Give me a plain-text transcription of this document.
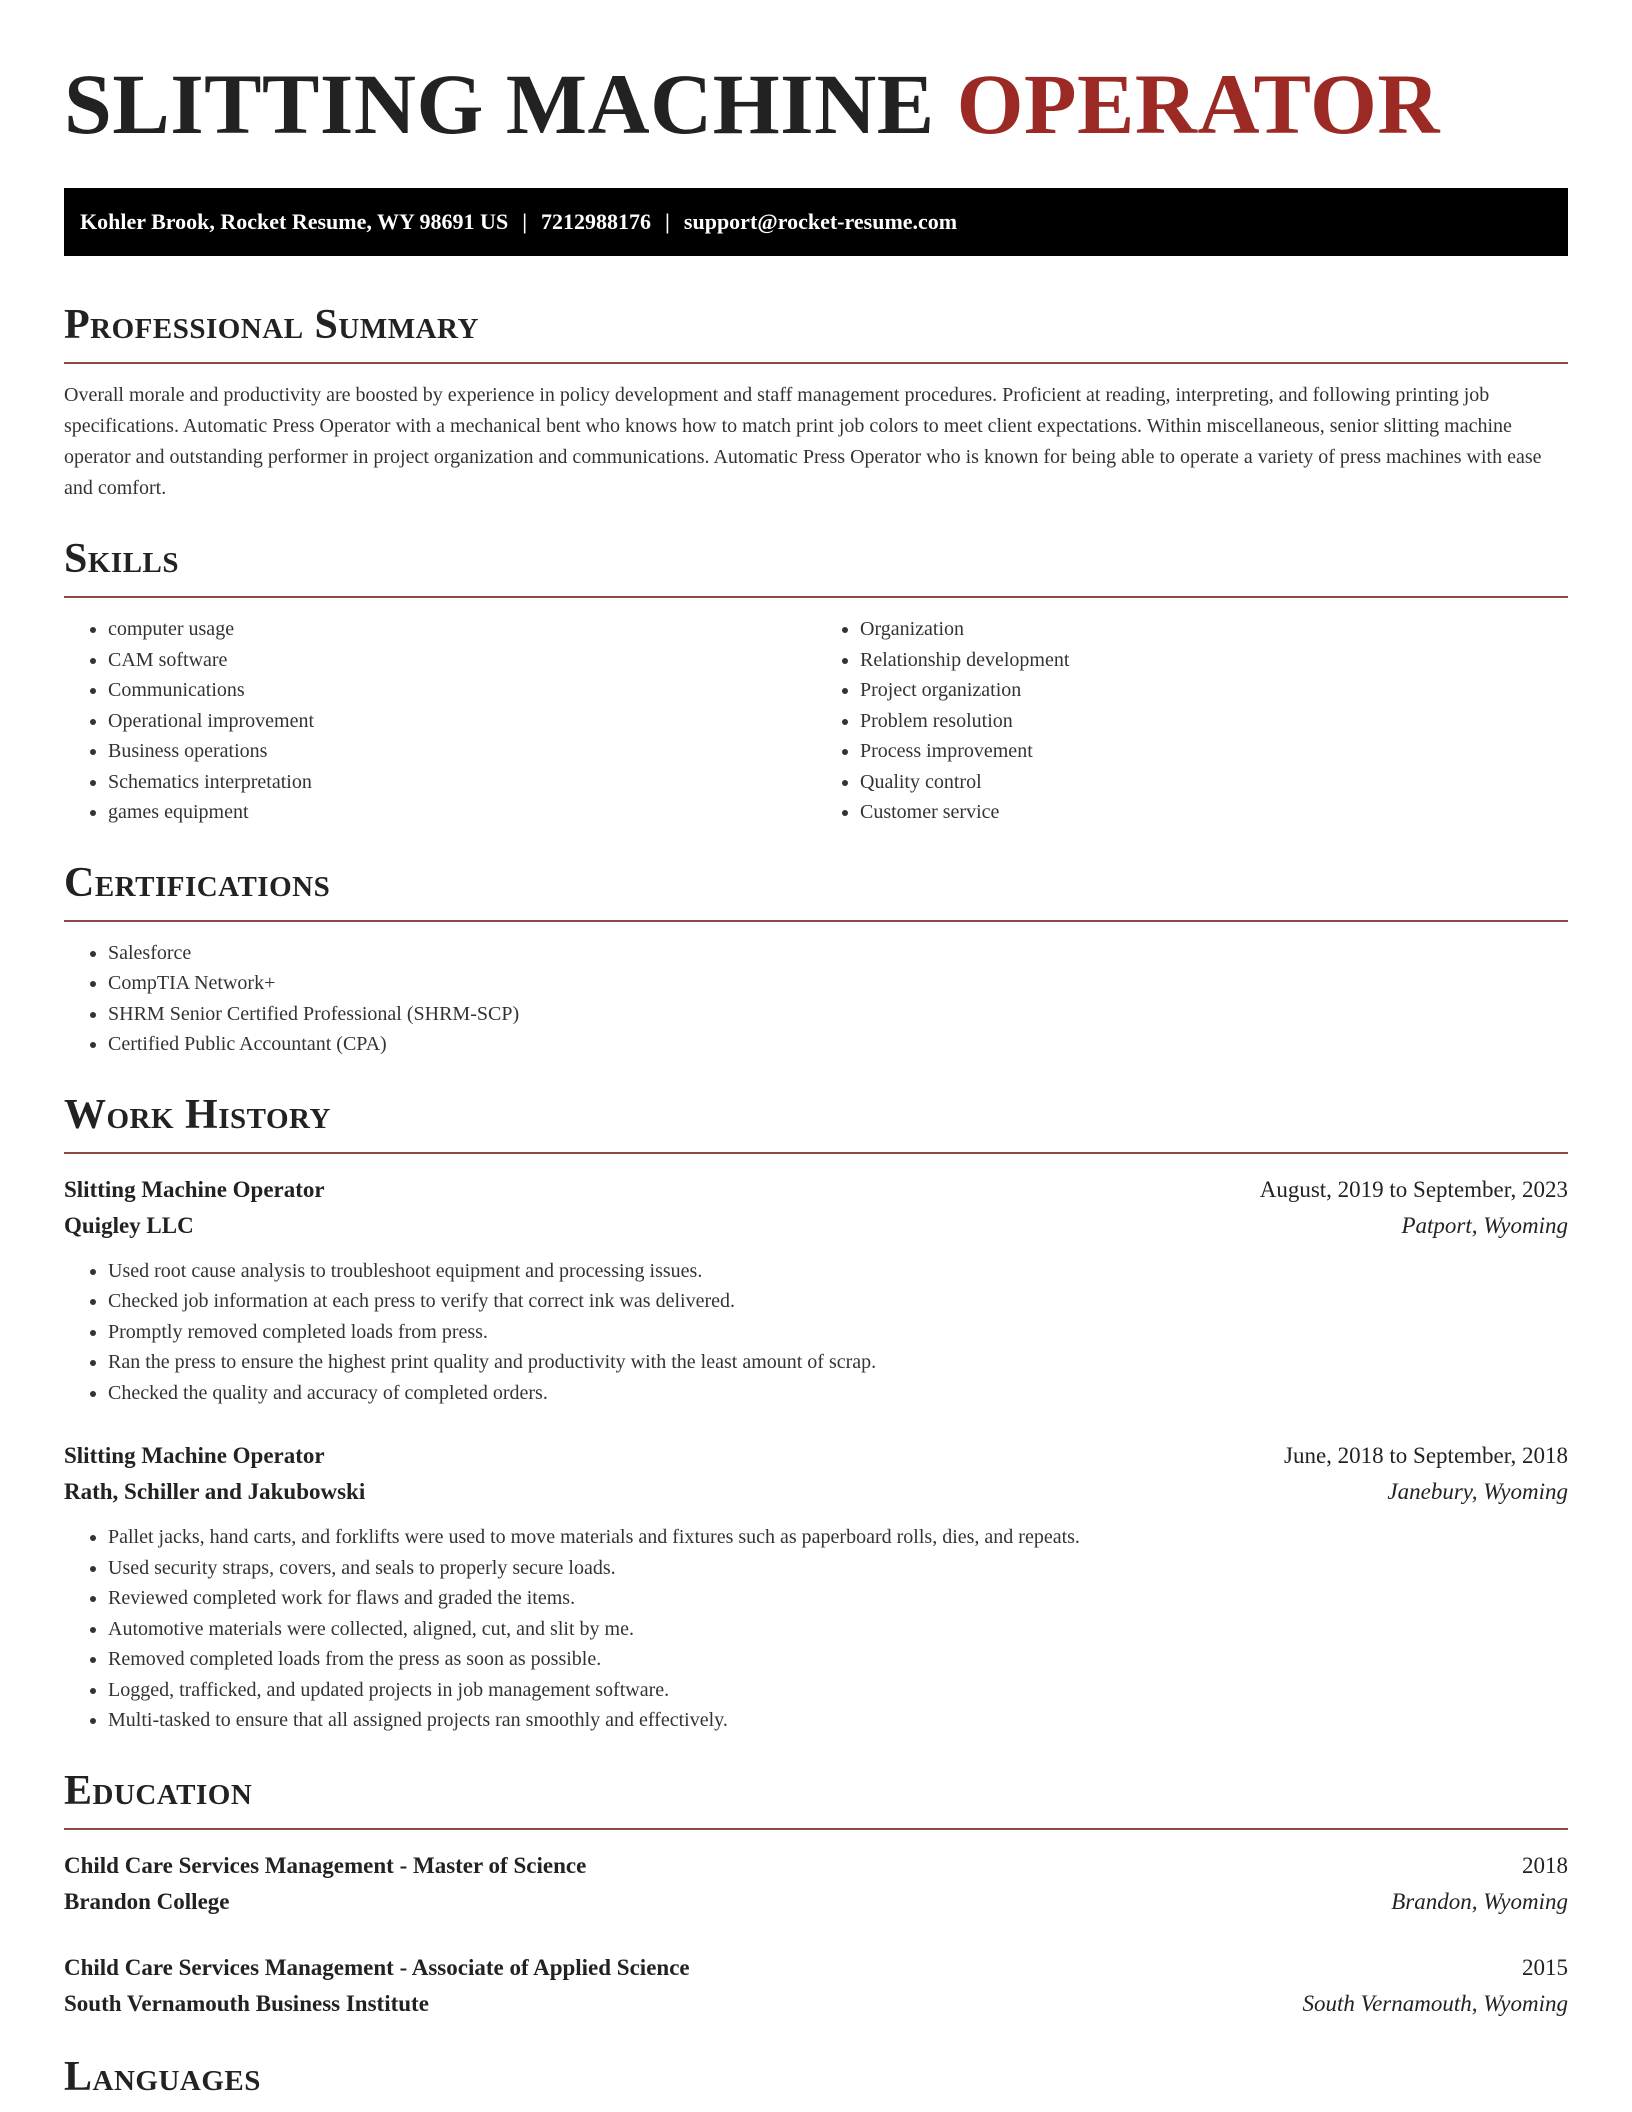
SLITTING MACHINE OPERATOR
Kohler Brook, Rocket Resume, WY 98691 US | 7212988176 | support@rocket-resume.com
Professional Summary

Overall morale and productivity are boosted by experience in policy development and staff management procedures. Proficient at reading, interpreting, and following printing job specifications. Automatic Press Operator with a mechanical bent who knows how to match print job colors to meet client expectations. Within miscellaneous, senior slitting machine operator and outstanding performer in project organization and communications. Automatic Press Operator who is known for being able to operate a variety of press machines with ease and comfort.

Skills
• computer usage
• CAM software
• Communications
• Operational improvement
• Business operations
• Schematics interpretation
• games equipment
• Organization
• Relationship development
• Project organization
• Problem resolution
• Process improvement
• Quality control
• Customer service
Certifications
• Salesforce
• CompTIA Network+
• SHRM Senior Certified Professional (SHRM-SCP)
• Certified Public Accountant (CPA)
Work History
Slitting Machine Operator	August, 2019 to September, 2023
Quigley LLC	Patport, Wyoming
• Used root cause analysis to troubleshoot equipment and processing issues.
• Checked job information at each press to verify that correct ink was delivered.
• Promptly removed completed loads from press.
• Ran the press to ensure the highest print quality and productivity with the least amount of scrap.
• Checked the quality and accuracy of completed orders.
Slitting Machine Operator	June, 2018 to September, 2018
Rath, Schiller and Jakubowski	Janebury, Wyoming
• Pallet jacks, hand carts, and forklifts were used to move materials and fixtures such as paperboard rolls, dies, and repeats.
• Used security straps, covers, and seals to properly secure loads.
• Reviewed completed work for flaws and graded the items.
• Automotive materials were collected, aligned, cut, and slit by me.
• Removed completed loads from the press as soon as possible.
• Logged, trafficked, and updated projects in job management software.
• Multi-tasked to ensure that all assigned projects ran smoothly and effectively.
Education
Child Care Services Management - Master of Science	2018
Brandon College	Brandon, Wyoming
Child Care Services Management - Associate of Applied Science	2015
South Vernamouth Business Institute	South Vernamouth, Wyoming
Languages
